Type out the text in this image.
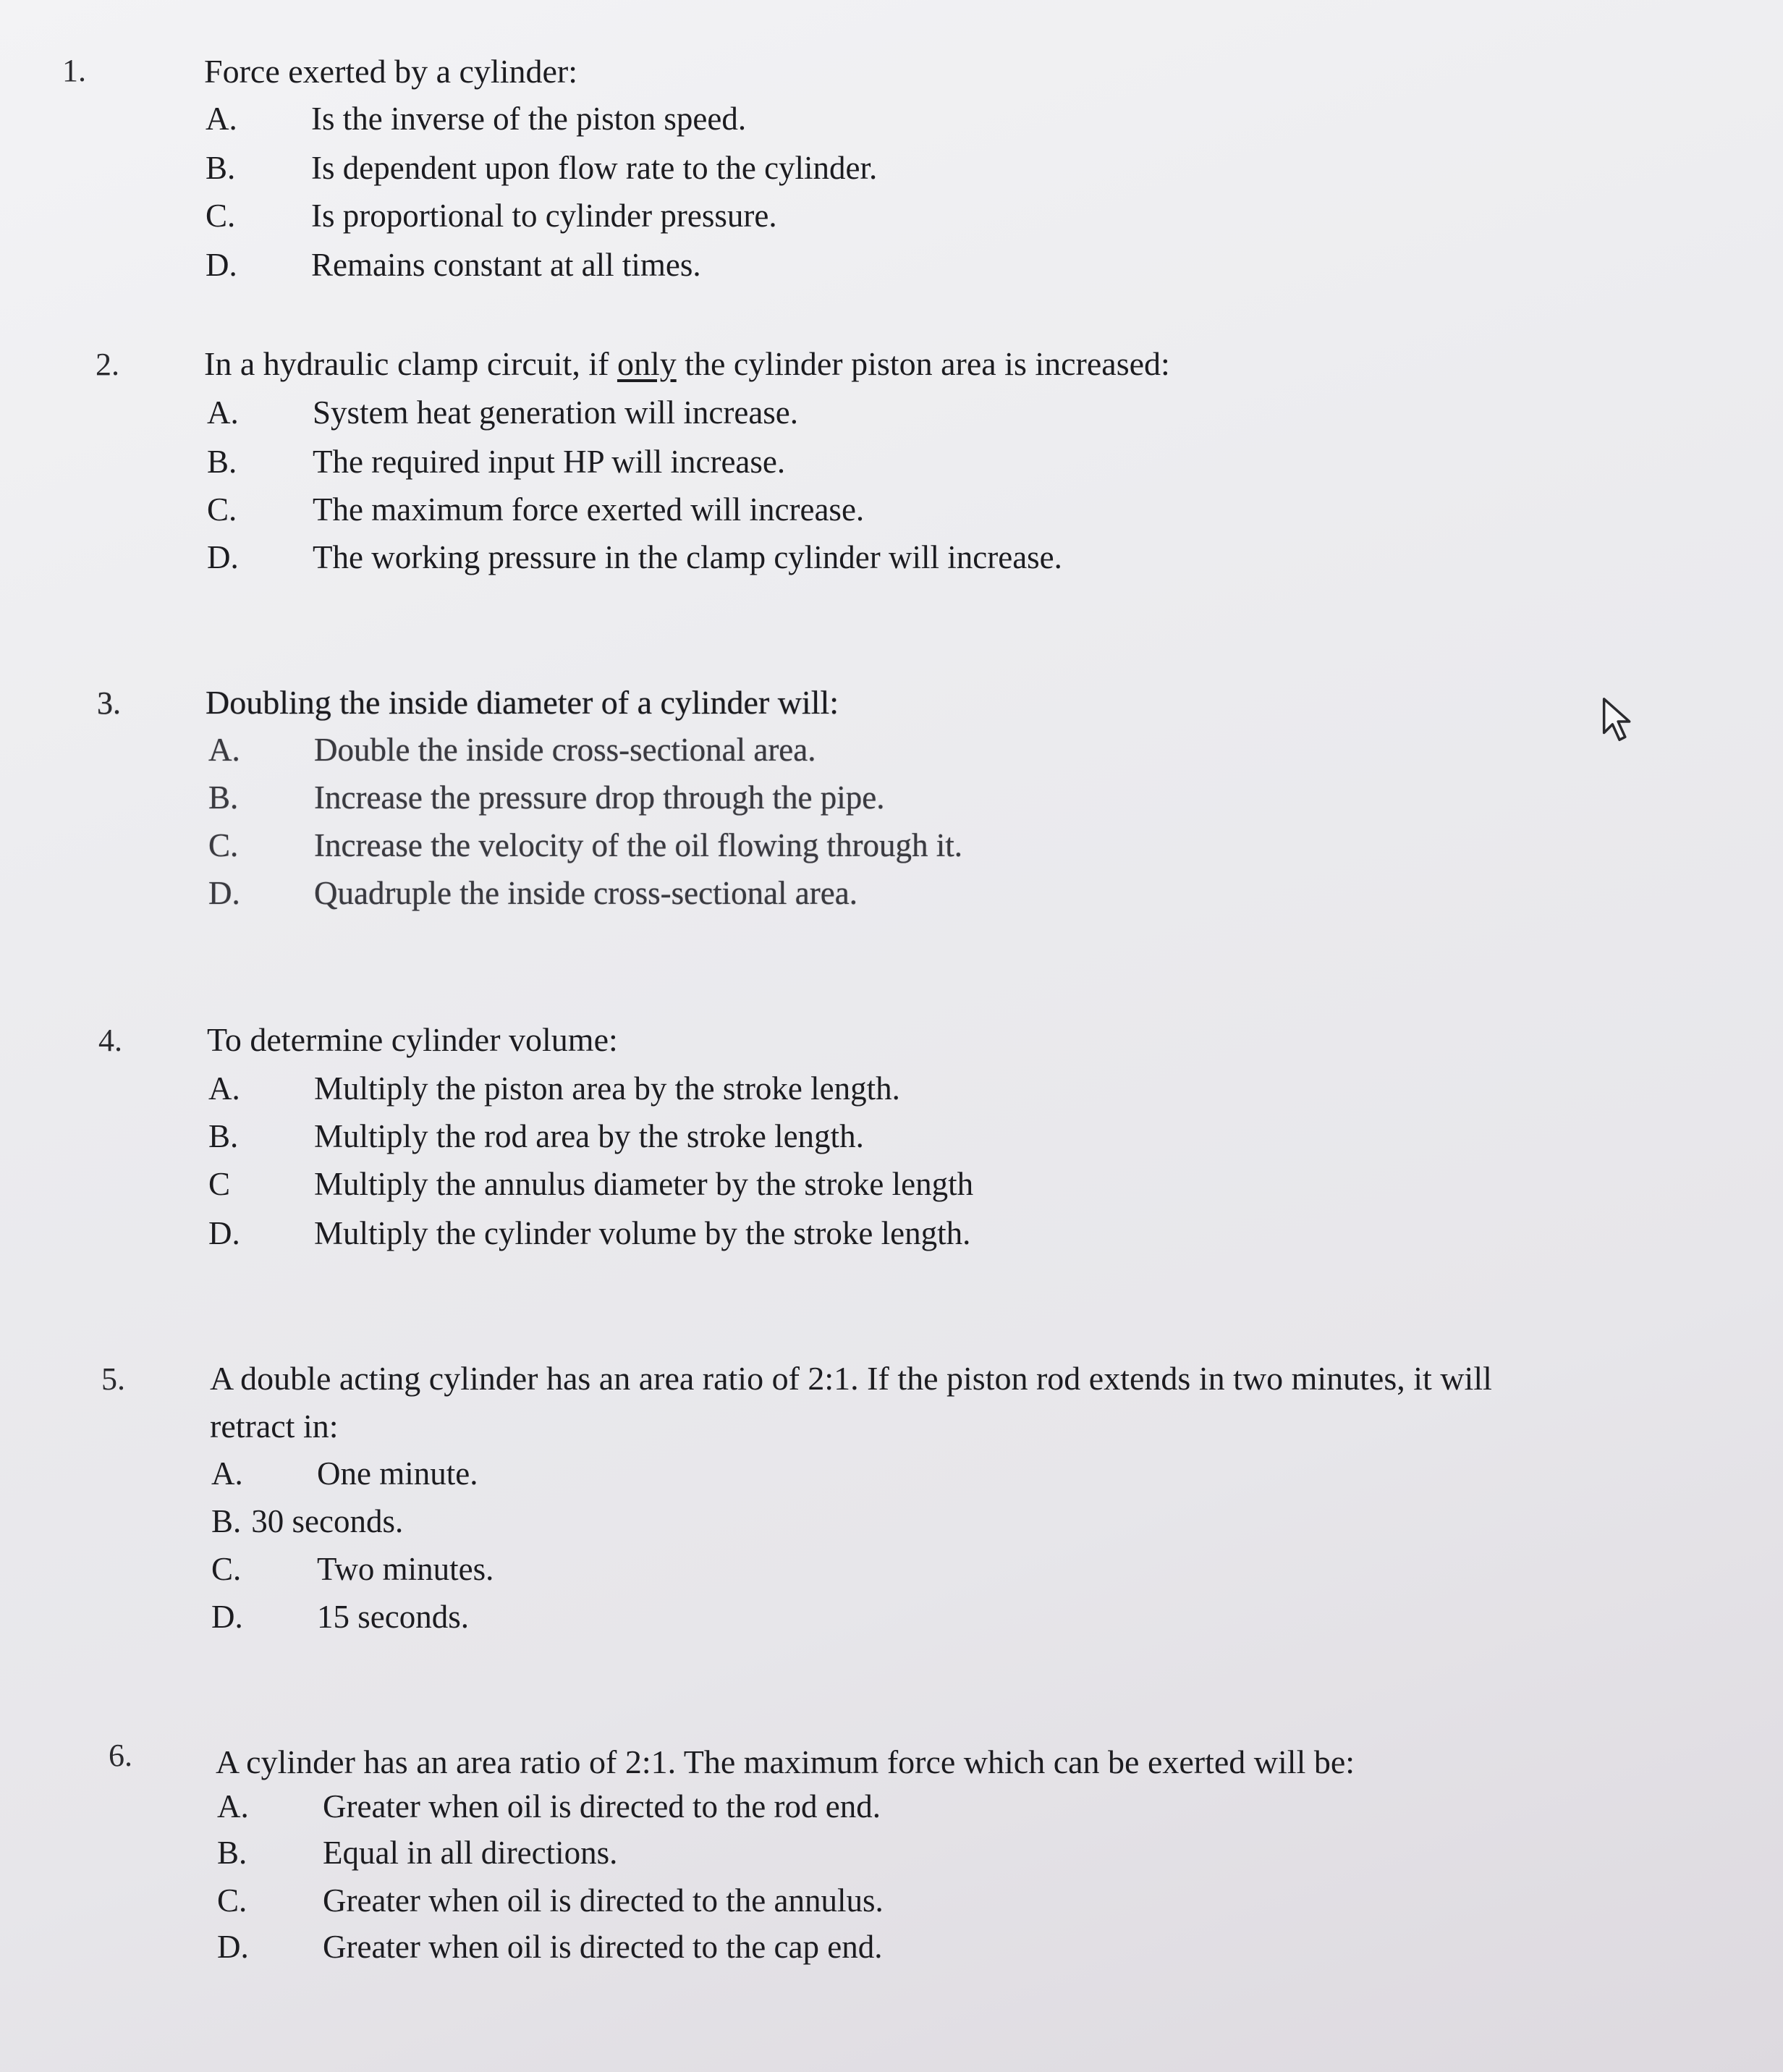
1.	Force exerted by a cylinder:
A. Is the inverse of the piston speed.
B. Is dependent upon flow rate to the cylinder.
C. Is proportional to cylinder pressure.
D. Remains constant at all times.
2.	In a hydraulic clamp circuit, if only the cylinder piston area is increased:
A. System heat generation will increase.
B. The required input HP will increase.
C. The maximum force exerted will increase.
D. The working pressure in the clamp cylinder will increase.
3.	Doubling the inside diameter of a cylinder will:
A. Double the inside cross-sectional area.
B. Increase the pressure drop through the pipe.
C. Increase the velocity of the oil flowing through it.
D. Quadruple the inside cross-sectional area.
4.	To determine cylinder volume:
A. Multiply the piston area by the stroke length.
B. Multiply the rod area by the stroke length.
C	Multiply the annulus diameter by the stroke length
D. Multiply the cylinder volume by the stroke length.
5.	A double acting cylinder has an area ratio of 2:1. If the piston rod extends in two minutes, it will
retract in:
A. One minute.
B. 30 seconds.
C. Two minutes.
D. 15 seconds.
6.	A cylinder has an area ratio of 2:1. The maximum force which can be exerted will be:
A. Greater when oil is directed to the rod end.
B. Equal in all directions.
C. Greater when oil is directed to the annulus.
D. Greater when oil is directed to the cap end.
